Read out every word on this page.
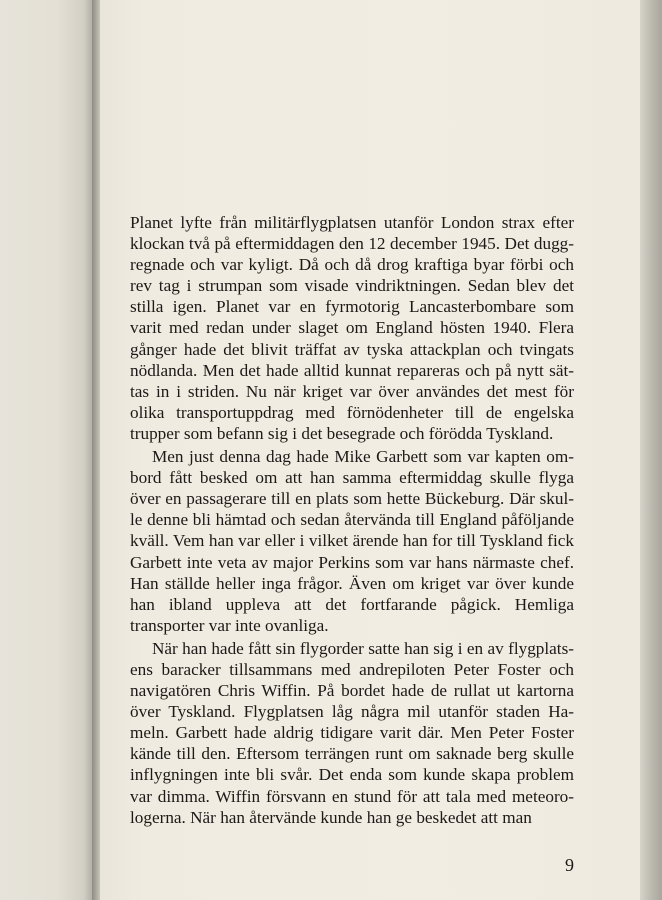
Planet lyfte från militärflygplatsen utanför London strax efter klockan två på eftermiddagen den 12 december 1945. Det duggregnade och var kyligt. Då och då drog kraftiga byar förbi och rev tag i strumpan som visade vindriktningen. Sedan blev det stilla igen. Planet var en fyrmotorig Lancasterbombare som varit med redan under slaget om England hösten 1940. Flera gånger hade det blivit träffat av tyska attackplan och tvingats nödlanda. Men det hade alltid kunnat repareras och på nytt sättas in i striden. Nu när kriget var över användes det mest för olika transportuppdrag med förnödenheter till de engelska trupper som befann sig i det besegrade och förödda Tyskland.

Men just denna dag hade Mike Garbett som var kapten ombord fått besked om att han samma eftermiddag skulle flyga över en passagerare till en plats som hette Bückeburg. Där skulle denne bli hämtad och sedan återvända till England påföljande kväll. Vem han var eller i vilket ärende han for till Tyskland fick Garbett inte veta av major Perkins som var hans närmaste chef. Han ställde heller inga frågor. Även om kriget var över kunde han ibland uppleva att det fortfarande pågick. Hemliga transporter var inte ovanliga.

När han hade fått sin flygorder satte han sig i en av flygplatsens baracker tillsammans med andrepiloten Peter Foster och navigatören Chris Wiffin. På bordet hade de rullat ut kartorna över Tyskland. Flygplatsen låg några mil utanför staden Hameln. Garbett hade aldrig tidigare varit där. Men Peter Foster kände till den. Eftersom terrängen runt om saknade berg skulle inflygningen inte bli svår. Det enda som kunde skapa problem var dimma. Wiffin försvann en stund för att tala med meteorologerna. När han återvände kunde han ge beskedet att man

9
